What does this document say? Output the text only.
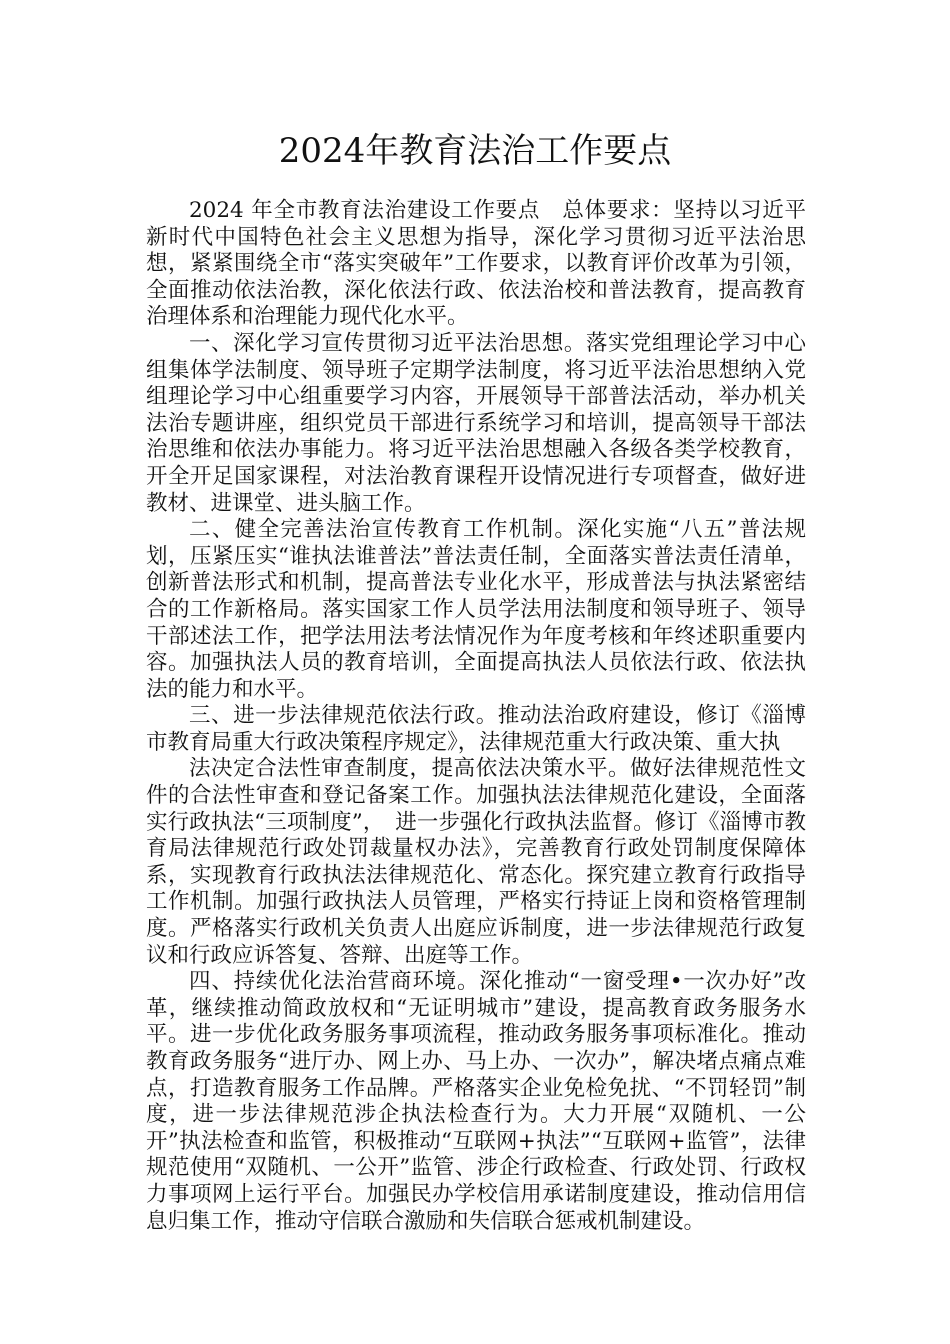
2024年教育法治工作要点

2024 年全市教育法治建设工作要点　总体要求：坚持以习近平新时代中国特色社会主义思想为指导，深化学习贯彻习近平法治思想，紧紧围绕全市“落实突破年”工作要求，以教育评价改革为引领，全面推动依法治教，深化依法行政、依法治校和普法教育，提高教育治理体系和治理能力现代化水平。

一、深化学习宣传贯彻习近平法治思想。落实党组理论学习中心组集体学法制度、领导班子定期学法制度，将习近平法治思想纳入党组理论学习中心组重要学习内容，开展领导干部普法活动，举办机关法治专题讲座，组织党员干部进行系统学习和培训，提高领导干部法治思维和依法办事能力。将习近平法治思想融入各级各类学校教育，开全开足国家课程，对法治教育课程开设情况进行专项督查，做好进教材、进课堂、进头脑工作。

二、健全完善法治宣传教育工作机制。深化实施“八五”普法规划，压紧压实“谁执法谁普法”普法责任制，全面落实普法责任清单，创新普法形式和机制，提高普法专业化水平，形成普法与执法紧密结合的工作新格局。落实国家工作人员学法用法制度和领导班子、领导干部述法工作，把学法用法考法情况作为年度考核和年终述职重要内容。加强执法人员的教育培训，全面提高执法人员依法行政、依法执法的能力和水平。

三、进一步法律规范依法行政。推动法治政府建设，修订《淄博市教育局重大行政决策程序规定》，法律规范重大行政决策、重大执

法决定合法性审查制度，提高依法决策水平。做好法律规范性文件的合法性审查和登记备案工作。加强执法法律规范化建设，全面落实行政执法“三项制度”，　进一步强化行政执法监督。修订《淄博市教育局法律规范行政处罚裁量权办法》，完善教育行政处罚制度保障体系，实现教育行政执法法律规范化、常态化。探究建立教育行政指导工作机制。加强行政执法人员管理，严格实行持证上岗和资格管理制度。严格落实行政机关负责人出庭应诉制度，进一步法律规范行政复议和行政应诉答复、答辩、出庭等工作。

四、持续优化法治营商环境。深化推动“一窗受理•一次办好”改革，继续推动简政放权和“无证明城市”建设，提高教育政务服务水平。进一步优化政务服务事项流程，推动政务服务事项标准化。推动教育政务服务“进厅办、网上办、马上办、一次办”，解决堵点痛点难点，打造教育服务工作品牌。严格落实企业免检免扰、“不罚轻罚”制度，进一步法律规范涉企执法检查行为。大力开展“双随机、一公开”执法检查和监管，积极推动“互联网+执法”“互联网+监管”，法律规范使用“双随机、一公开”监管、涉企行政检查、行政处罚、行政权力事项网上运行平台。加强民办学校信用承诺制度建设，推动信用信息归集工作，推动守信联合激励和失信联合惩戒机制建设。
